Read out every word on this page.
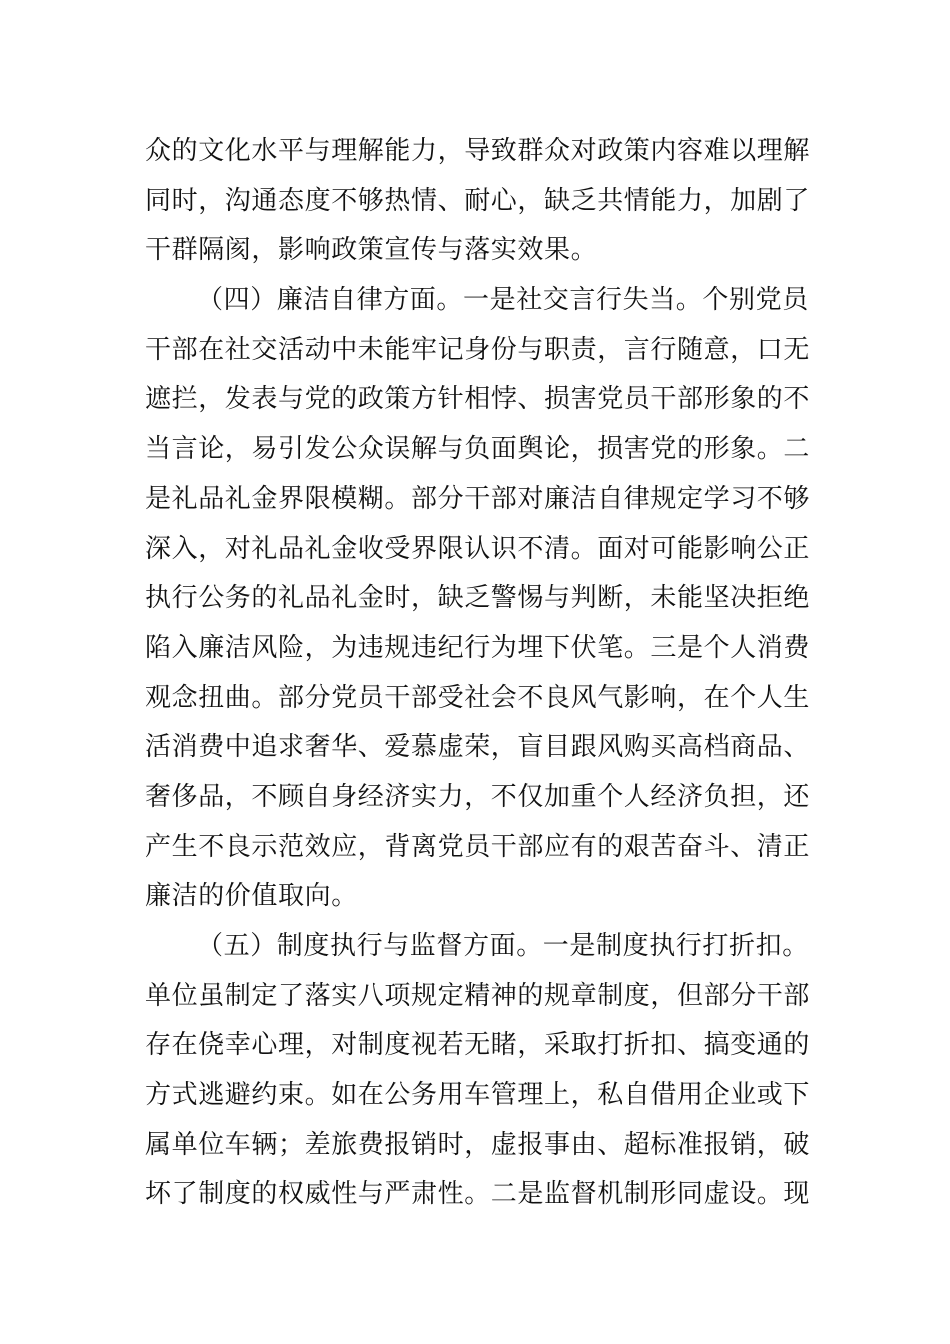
众的文化水平与理解能力，导致群众对政策内容难以理解
同时，沟通态度不够热情、耐心，缺乏共情能力，加剧了
干群隔阂，影响政策宣传与落实效果。
（四）廉洁自律方面。一是社交言行失当。个别党员
干部在社交活动中未能牢记身份与职责，言行随意，口无
遮拦，发表与党的政策方针相悖、损害党员干部形象的不
当言论，易引发公众误解与负面舆论，损害党的形象。二
是礼品礼金界限模糊。部分干部对廉洁自律规定学习不够
深入，对礼品礼金收受界限认识不清。面对可能影响公正
执行公务的礼品礼金时，缺乏警惕与判断，未能坚决拒绝
陷入廉洁风险，为违规违纪行为埋下伏笔。三是个人消费
观念扭曲。部分党员干部受社会不良风气影响，在个人生
活消费中追求奢华、爱慕虚荣，盲目跟风购买高档商品、
奢侈品，不顾自身经济实力，不仅加重个人经济负担，还
产生不良示范效应，背离党员干部应有的艰苦奋斗、清正
廉洁的价值取向。
（五）制度执行与监督方面。一是制度执行打折扣。
单位虽制定了落实八项规定精神的规章制度，但部分干部
存在侥幸心理，对制度视若无睹，采取打折扣、搞变通的
方式逃避约束。如在公务用车管理上，私自借用企业或下
属单位车辆；差旅费报销时，虚报事由、超标准报销，破
坏了制度的权威性与严肃性。二是监督机制形同虚设。现
